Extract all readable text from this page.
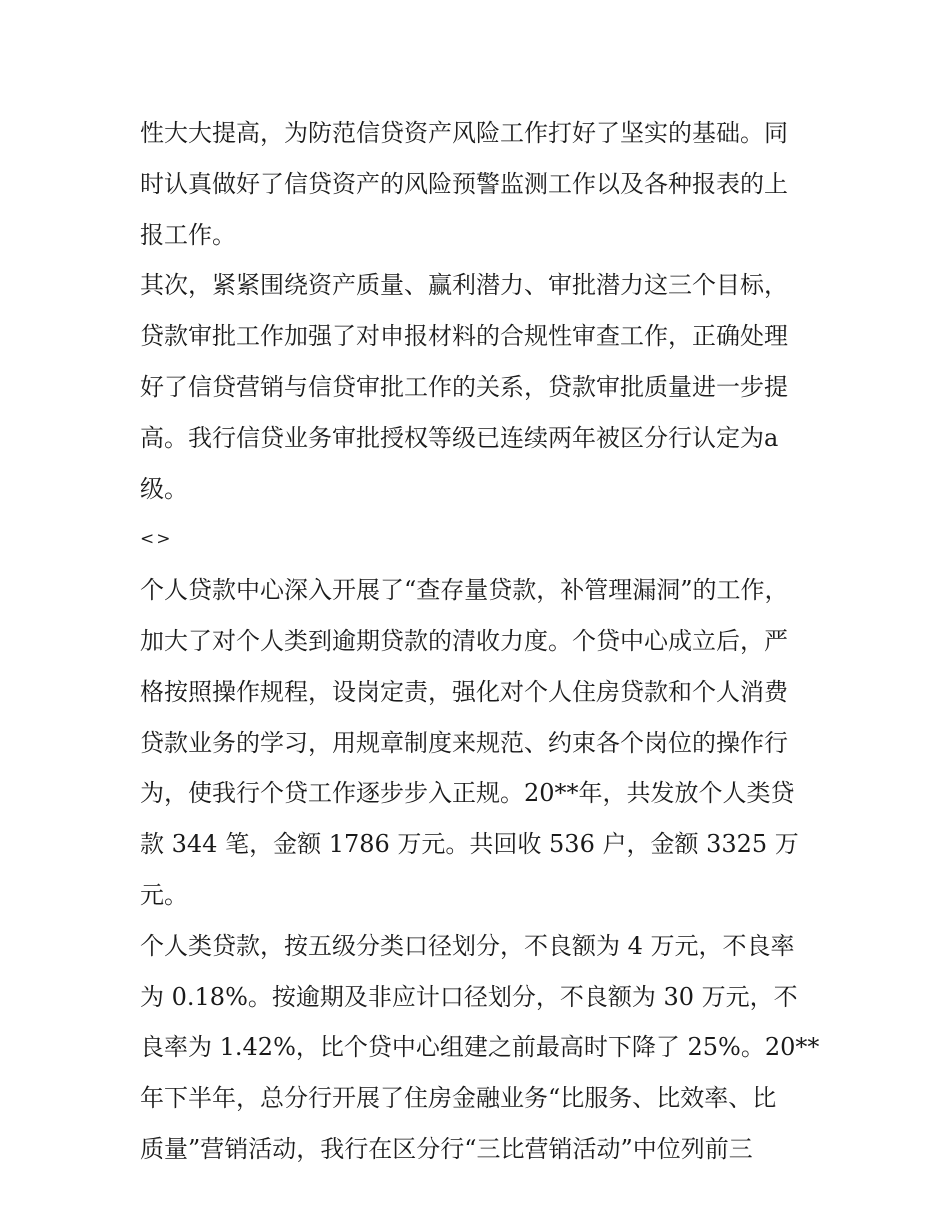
性大大提高，为防范信贷资产风险工作打好了坚实的基础。同
时认真做好了信贷资产的风险预警监测工作以及各种报表的上
报工作。

其次，紧紧围绕资产质量、赢利潜力、审批潜力这三个目标，
贷款审批工作加强了对申报材料的合规性审查工作，正确处理
好了信贷营销与信贷审批工作的关系，贷款审批质量进一步提
高。我行信贷业务审批授权等级已连续两年被区分行认定为a
级。

<>

个人贷款中心深入开展了“查存量贷款，补管理漏洞”的工作，
加大了对个人类到逾期贷款的清收力度。个贷中心成立后，严
格按照操作规程，设岗定责，强化对个人住房贷款和个人消费
贷款业务的学习，用规章制度来规范、约束各个岗位的操作行
为，使我行个贷工作逐步步入正规。20**年，共发放个人类贷
款 344 笔，金额 1786 万元。共回收 536 户，金额 3325 万元。

个人类贷款，按五级分类口径划分，不良额为 4 万元，不良率
为 0.18%。按逾期及非应计口径划分，不良额为 30 万元，不
良率为 1.42%，比个贷中心组建之前最高时下降了 25%。20**
年下半年，总分行开展了住房金融业务“比服务、比效率、比
质量”营销活动，我行在区分行“三比营销活动”中位列前三
